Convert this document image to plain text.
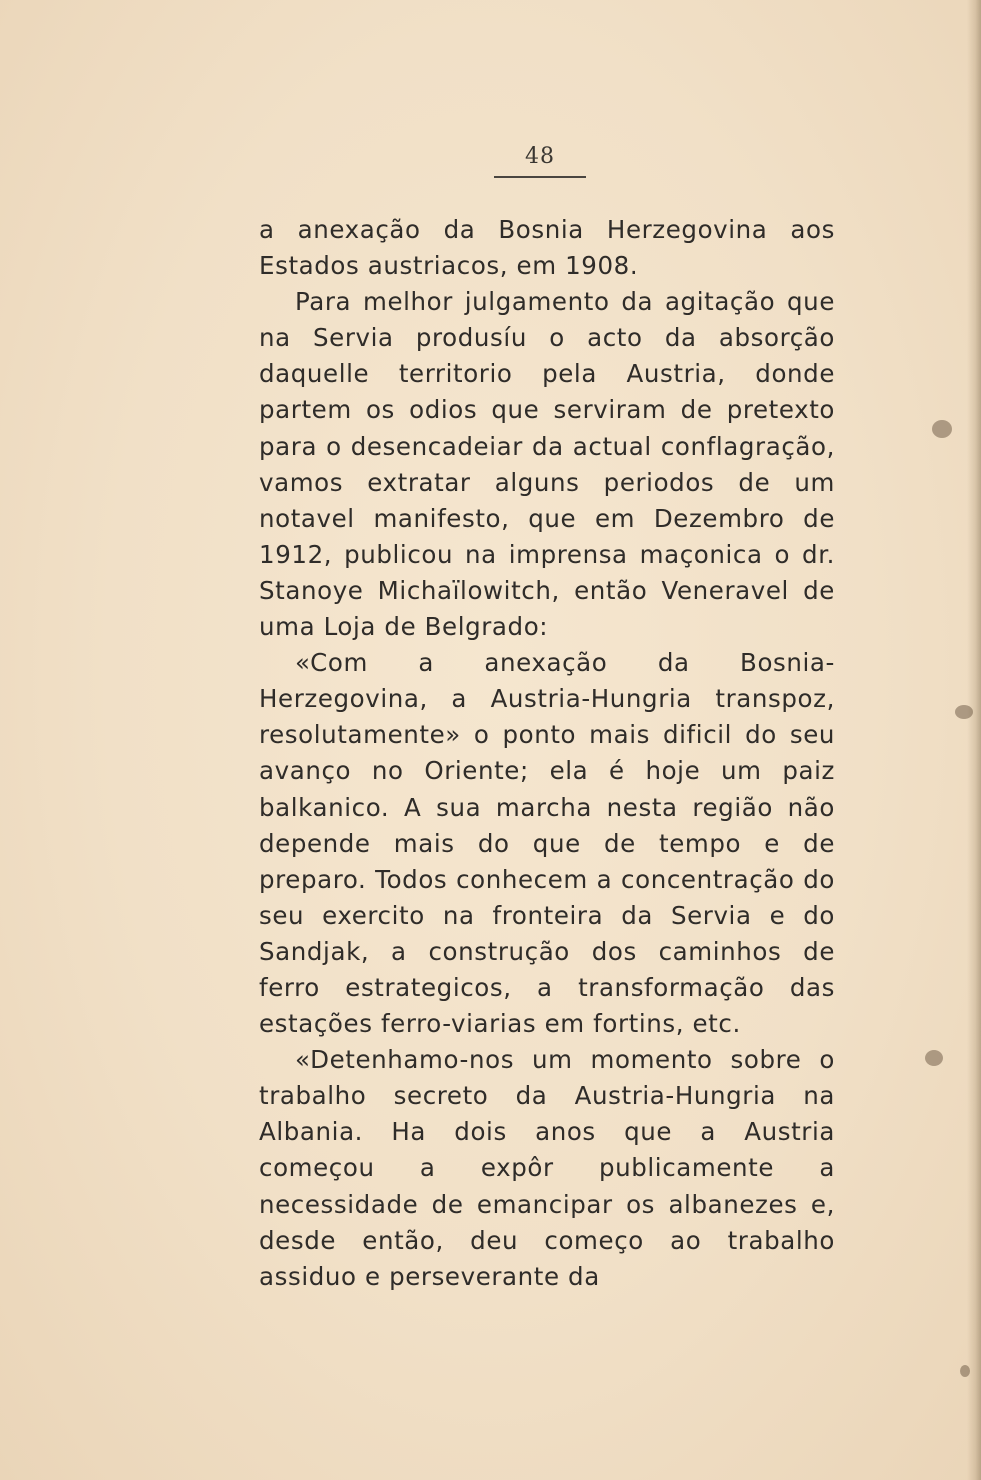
48

a anexação da Bosnia Herzegovina aos Estados austriacos, em 1908.

Para melhor julgamento da agitação que na Servia produsíu o acto da absorção daquelle territorio pela Austria, donde partem os odios que serviram de pretexto para o desencadeiar da actual conflagração, vamos extratar alguns periodos de um notavel manifesto, que em Dezembro de 1912, publicou na imprensa maçonica o dr. Stanoye Michaïlowitch, então Veneravel de uma Loja de Belgrado:

«Com a anexação da Bosnia-Herzegovina, a Austria-Hungria transpoz, resolutamente» o ponto mais dificil do seu avanço no Oriente; ela é hoje um paiz balkanico. A sua marcha nesta região não depende mais do que de tempo e de preparo. Todos conhecem a concentração do seu exercito na fronteira da Servia e do Sandjak, a construção dos caminhos de ferro estrategicos, a transformação das estações ferro-viarias em fortins, etc.

«Detenhamo-nos um momento sobre o trabalho secreto da Austria-Hungria na Albania. Ha dois anos que a Austria começou a expôr publicamente a necessidade de emancipar os albanezes e, desde então, deu começo ao trabalho assiduo e perseverante da
